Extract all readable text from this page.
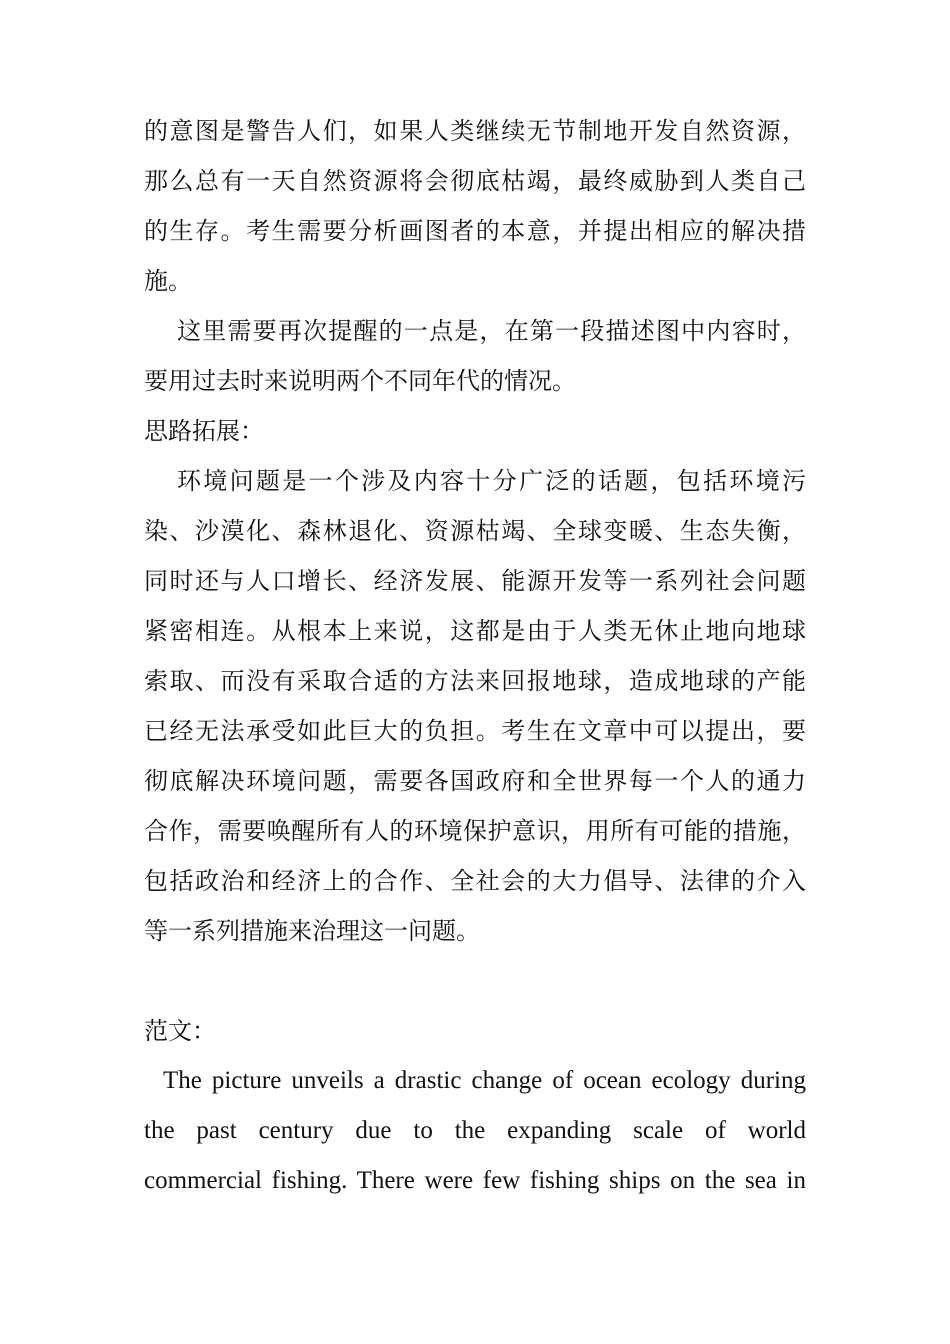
的意图是警告人们，如果人类继续无节制地开发自然资源，

那么总有一天自然资源将会彻底枯竭，最终威胁到人类自己

的生存。考生需要分析画图者的本意，并提出相应的解决措

施。

这里需要再次提醒的一点是，在第一段描述图中内容时，

要用过去时来说明两个不同年代的情况。

思路拓展：

环境问题是一个涉及内容十分广泛的话题，包括环境污

染、沙漠化、森林退化、资源枯竭、全球变暖、生态失衡，

同时还与人口增长、经济发展、能源开发等一系列社会问题

紧密相连。从根本上来说，这都是由于人类无休止地向地球

索取、而没有采取合适的方法来回报地球，造成地球的产能

已经无法承受如此巨大的负担。考生在文章中可以提出，要

彻底解决环境问题，需要各国政府和全世界每一个人的通力

合作，需要唤醒所有人的环境保护意识，用所有可能的措施，

包括政治和经济上的合作、全社会的大力倡导、法律的介入

等一系列措施来治理这一问题。

范文：

The picture unveils a drastic change of ocean ecology during

the past century due to the expanding scale of world

commercial fishing. There were few fishing ships on the sea in
